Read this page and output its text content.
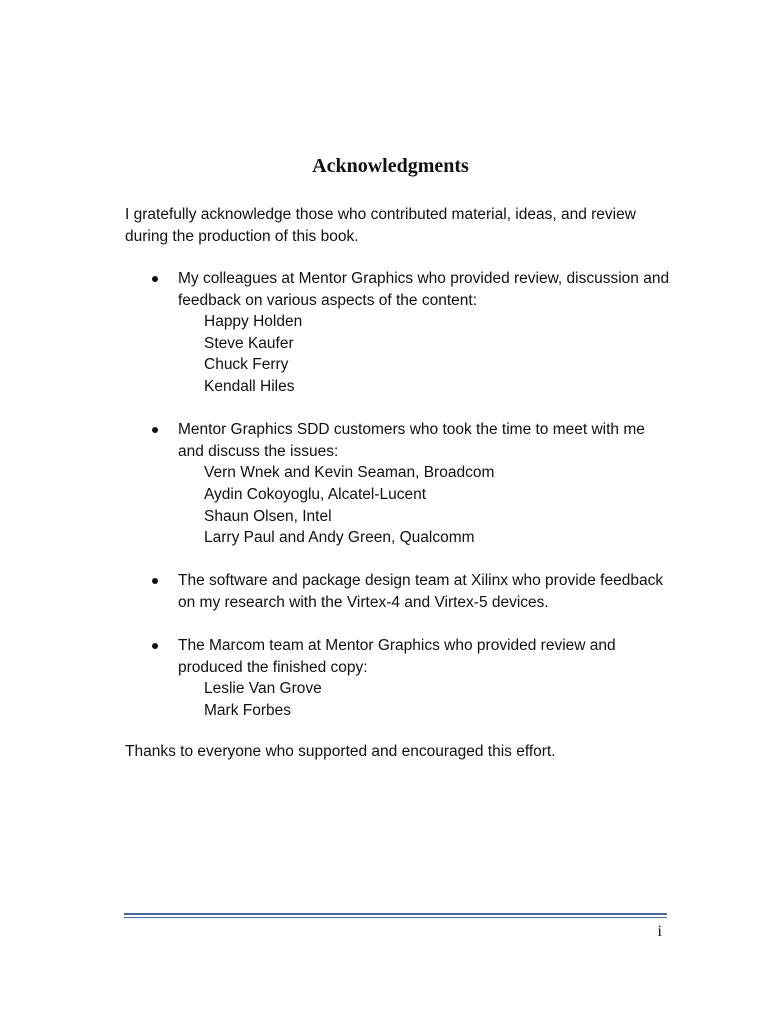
Acknowledgments

I gratefully acknowledge those who contributed material, ideas, and review during the production of this book.

My colleagues at Mentor Graphics who provided review, discussion and feedback on various aspects of the content:
Happy Holden
Steve Kaufer
Chuck Ferry
Kendall Hiles
Mentor Graphics SDD customers who took the time to meet with me and discuss the issues:
Vern Wnek and Kevin Seaman, Broadcom
Aydin Cokoyoglu, Alcatel-Lucent
Shaun Olsen, Intel
Larry Paul and Andy Green, Qualcomm
The software and package design team at Xilinx who provide feedback on my research with the Virtex-4 and Virtex-5 devices.
The Marcom team at Mentor Graphics who provided review and produced the finished copy:
Leslie Van Grove
Mark Forbes

Thanks to everyone who supported and encouraged this effort.

i
